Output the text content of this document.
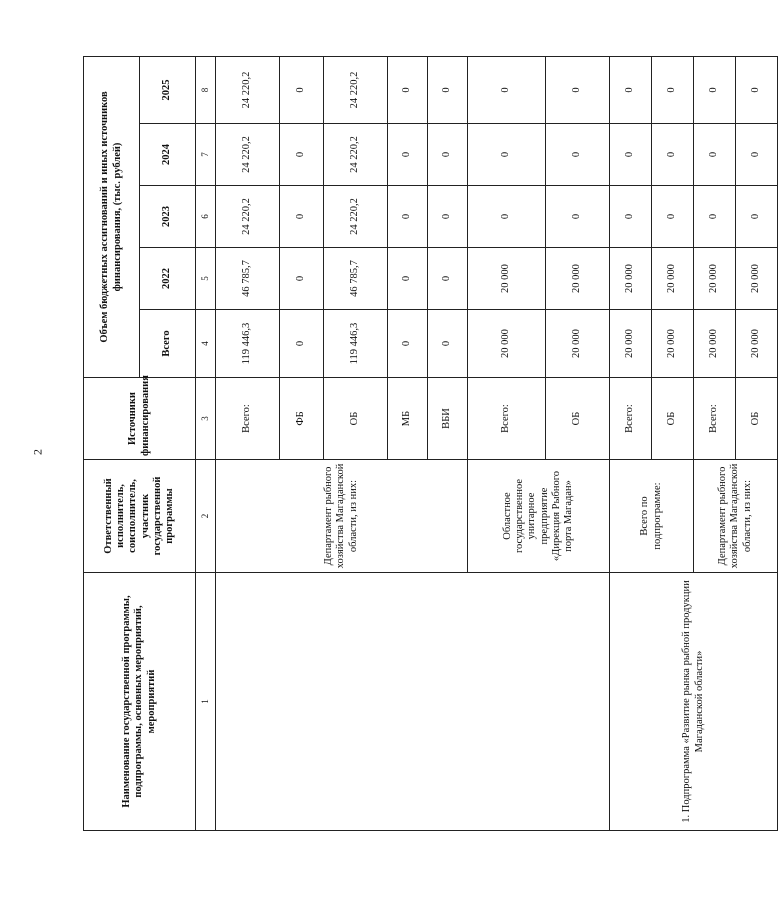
2
Наименование государственной программы, подпрограммы, основных мероприятий, мероприятий	Ответственный исполнитель, соисполнитель, участник государственной программы	Источники финансирования	Объем бюджетных ассигнований и иных источников финансирования, (тыс. рублей)				
			Всего	2022	2023	2024	2025
1	2	3	4	5	6	7	8
	Департамент рыбного хозяйства Магаданской области, из них:	Всего:	119 446,3	46 785,7	24 220,2	24 220,2	24 220,2
		ФБ	0	0	0	0	0
		ОБ	119 446,3	46 785,7	24 220,2	24 220,2	24 220,2
		МБ	0	0	0	0	0
		ВБИ	0	0	0	0	0
	Областное государственное унитарное предприятие «Дирекция Рыбного порта Магадан»	Всего:	20 000	20 000	0	0	0
		ОБ	20 000	20 000	0	0	0
1. Подпрограмма «Развитие рынка рыбной продукции Магаданской области»	Всего по подпрограмме:	Всего:	20 000	20 000	0	0	0
		ОБ	20 000	20 000	0	0	0
	Департамент рыбного хозяйства Магаданской области, из них:	Всего:	20 000	20 000	0	0	0
		ОБ	20 000	20 000	0	0	0
